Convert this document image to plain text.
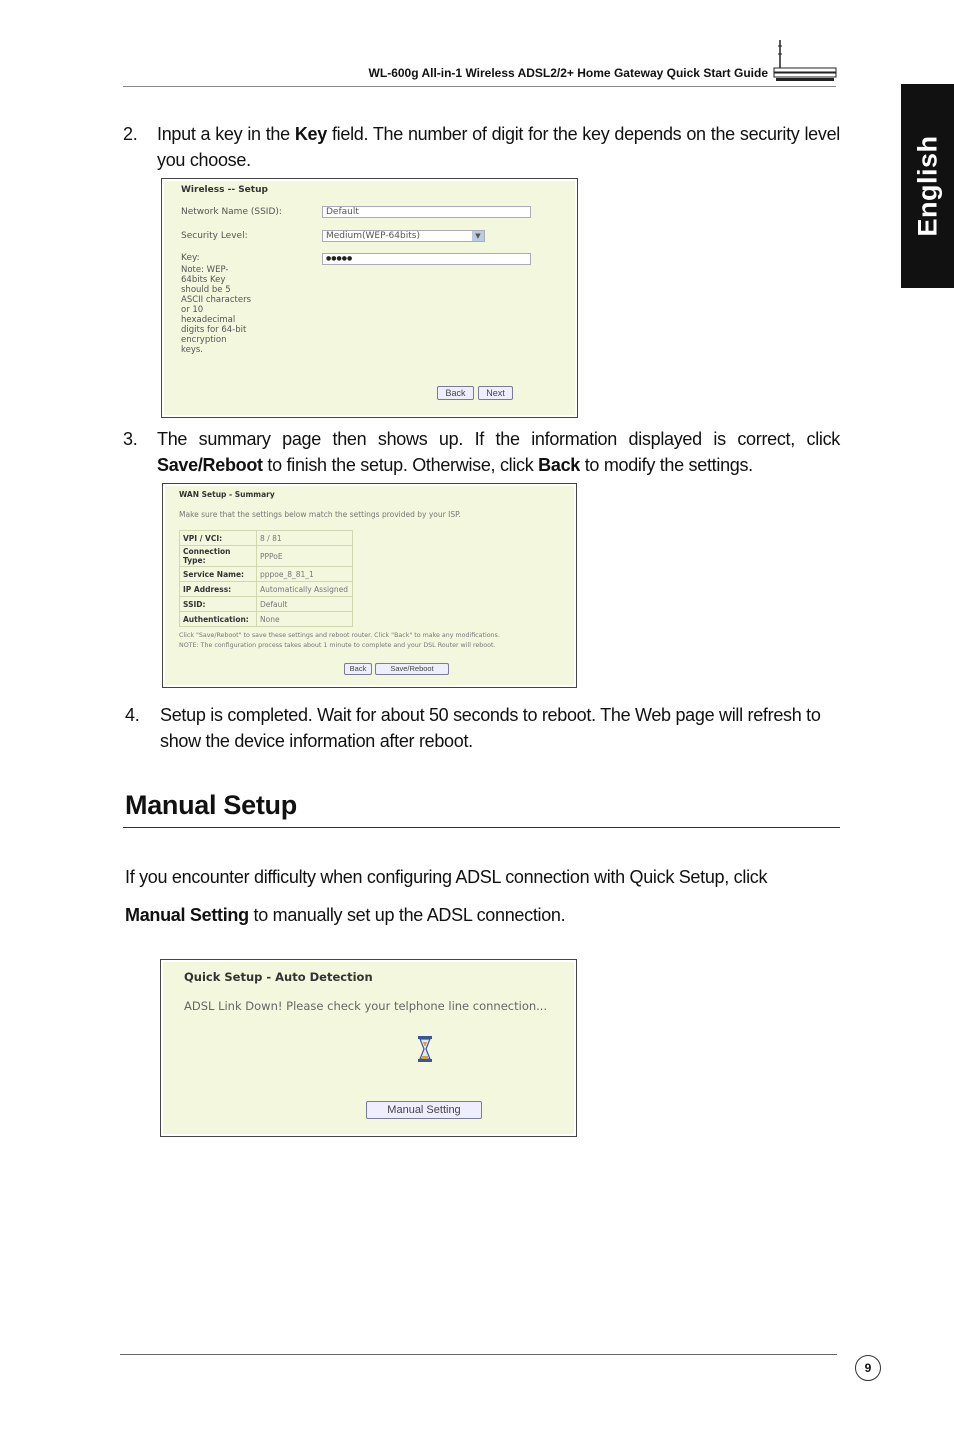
WL-600g All-in-1 Wireless ADSL2/2+ Home Gateway Quick Start Guide
English
2. Input a key in the Key field. The number of digit for the key depends on the security level you choose.
Wireless -- Setup
Network Name (SSID):	Default
Security Level:	Medium(WEP-64bits)	▼
Key:
Note: WEP-64bits Key should be 5 ASCII characters or 10 hexadecimal digits for 64-bit encryption keys.
●●●●●
Back	Next
3. The summary page then shows up. If the information displayed is correct, click Save/Reboot to finish the setup. Otherwise, click Back to modify the settings.
WAN Setup - Summary
Make sure that the settings below match the settings provided by your ISP.
VPI / VCI:	8 / 81
Connection Type:	PPPoE
Service Name:	pppoe_8_81_1
IP Address:	Automatically Assigned
SSID:	Default
Authentication:	None
Click "Save/Reboot" to save these settings and reboot router. Click "Back" to make any modifications.
NOTE: The configuration process takes about 1 minute to complete and your DSL Router will reboot.
Back	Save/Reboot
4. Setup is completed. Wait for about 50 seconds to reboot. The Web page will refresh to show the device information after reboot.
Manual Setup
If you encounter difficulty when configuring ADSL connection with Quick Setup, click
Manual Setting to manually set up the ADSL connection.
Quick Setup - Auto Detection
ADSL Link Down! Please check your telphone line connection...
Manual Setting
9
